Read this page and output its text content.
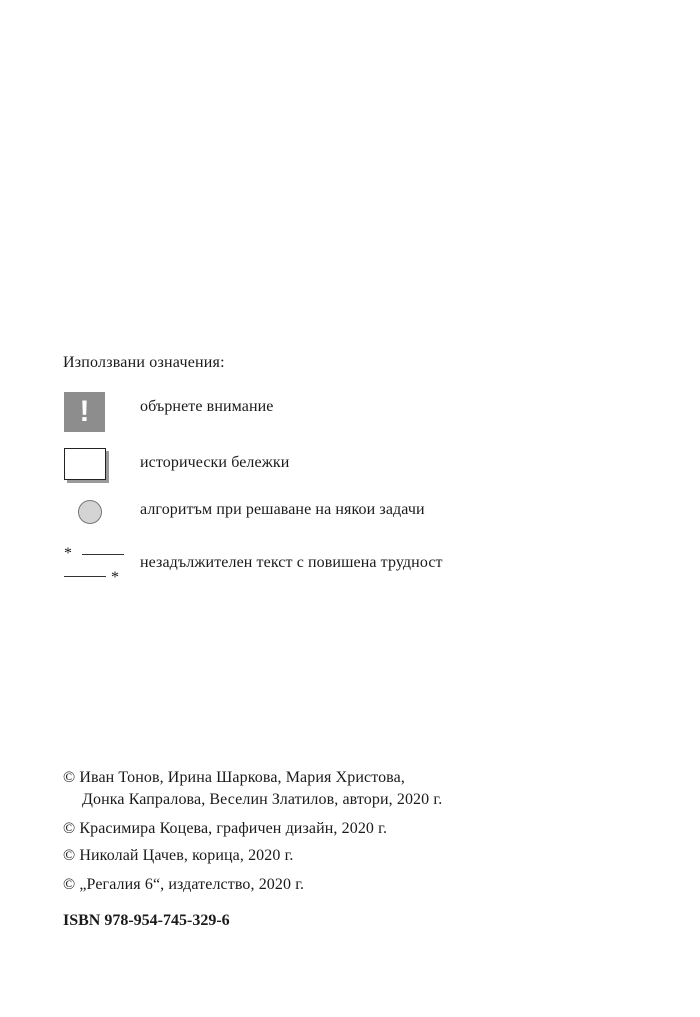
Използвани означения:
!	обърнете внимание
исторически бележки
алгоритъм при решаване на някои задачи
*
*
незадължителен текст с повишена трудност
© Иван Тонов, Ирина Шаркова, Мария Христова,
Донка Капралова, Веселин Златилов, автори, 2020 г.
© Красимира Коцева, графичен дизайн, 2020 г.
© Николай Цачев, корица, 2020 г.
© „Регалия 6“, издателство, 2020 г.
ISBN 978-954-745-329-6
